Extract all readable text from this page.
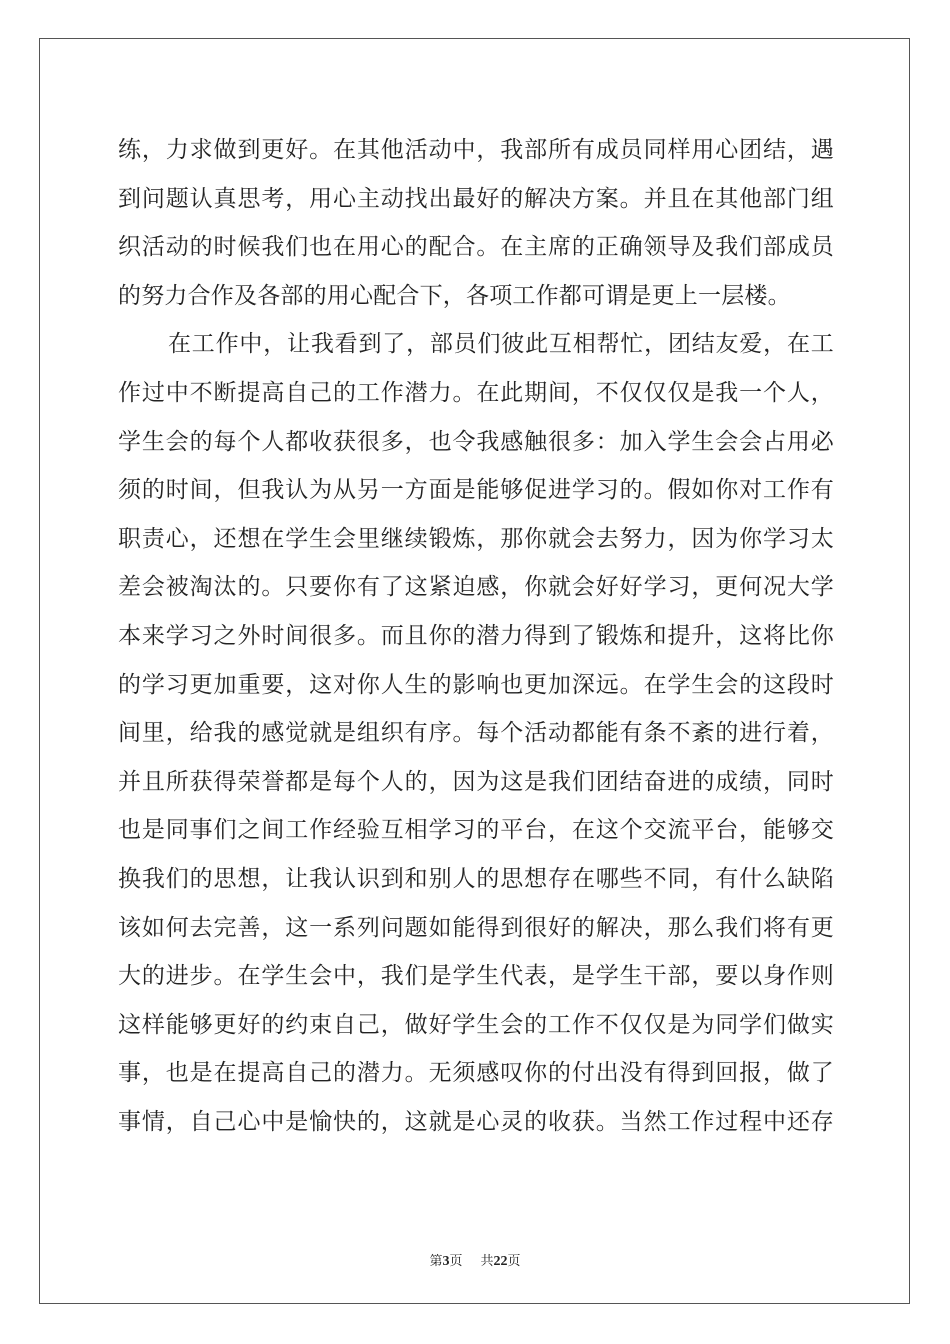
练，力求做到更好。在其他活动中，我部所有成员同样用心团结，遇
到问题认真思考，用心主动找出最好的解决方案。并且在其他部门组
织活动的时候我们也在用心的配合。在主席的正确领导及我们部成员
的努力合作及各部的用心配合下，各项工作都可谓是更上一层楼。
在工作中，让我看到了，部员们彼此互相帮忙，团结友爱，在工
作过中不断提高自己的工作潜力。在此期间，不仅仅仅是我一个人，
学生会的每个人都收获很多，也令我感触很多：加入学生会会占用必
须的时间，但我认为从另一方面是能够促进学习的。假如你对工作有
职责心，还想在学生会里继续锻炼，那你就会去努力，因为你学习太
差会被淘汰的。只要你有了这紧迫感，你就会好好学习，更何况大学
本来学习之外时间很多。而且你的潜力得到了锻炼和提升，这将比你
的学习更加重要，这对你人生的影响也更加深远。在学生会的这段时
间里，给我的感觉就是组织有序。每个活动都能有条不紊的进行着，
并且所获得荣誉都是每个人的，因为这是我们团结奋进的成绩，同时
也是同事们之间工作经验互相学习的平台，在这个交流平台，能够交
换我们的思想，让我认识到和别人的思想存在哪些不同，有什么缺陷
该如何去完善，这一系列问题如能得到很好的解决，那么我们将有更
大的进步。在学生会中，我们是学生代表，是学生干部，要以身作则
这样能够更好的约束自己，做好学生会的工作不仅仅是为同学们做实
事，也是在提高自己的潜力。无须感叹你的付出没有得到回报，做了
事情，自己心中是愉快的，这就是心灵的收获。当然工作过程中还存
第3页 共22页
